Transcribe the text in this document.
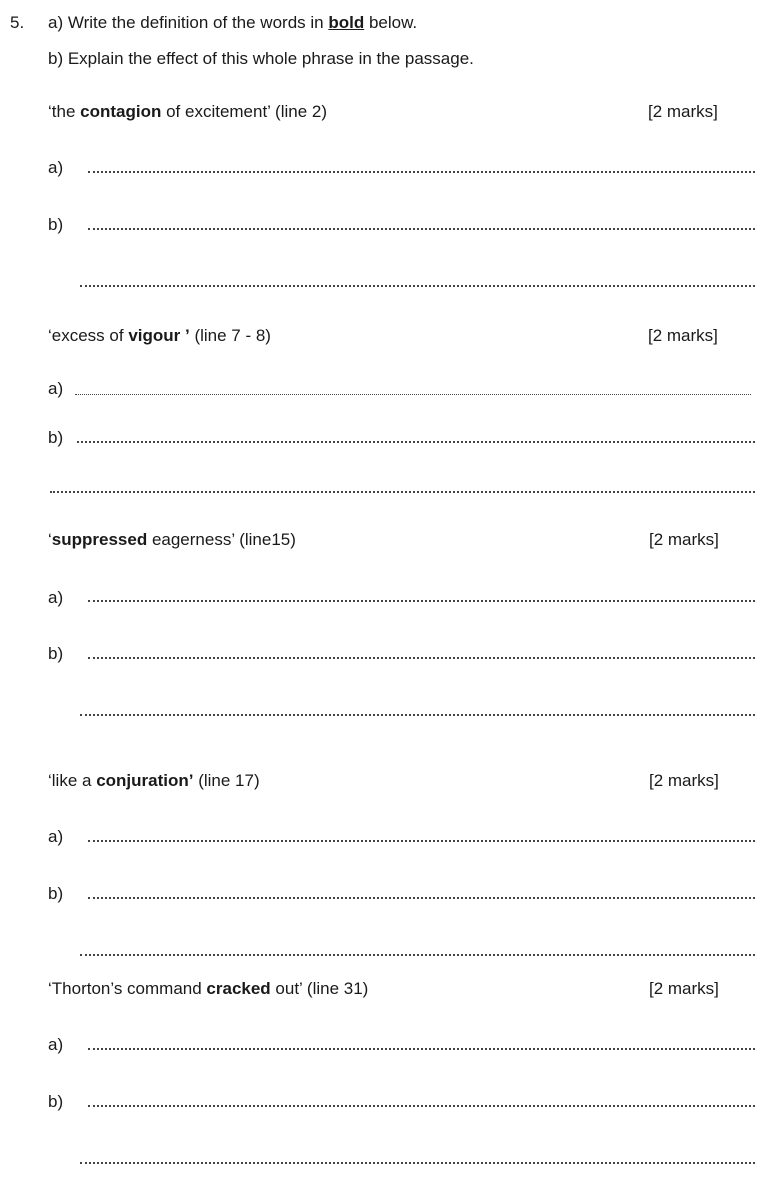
5. a) Write the definition of the words in bold below.
b) Explain the effect of this whole phrase in the passage.
‘the contagion of excitement’ (line 2)	[2 marks]
a)
b)
‘excess of vigour ’ (line 7 - 8)	[2 marks]
a)
b)
‘suppressed eagerness’ (line15)	[2 marks]
a)
b)
‘like a conjuration’ (line 17)	[2 marks]
a)
b)
‘Thorton’s command cracked out’ (line 31)	[2 marks]
a)
b)
